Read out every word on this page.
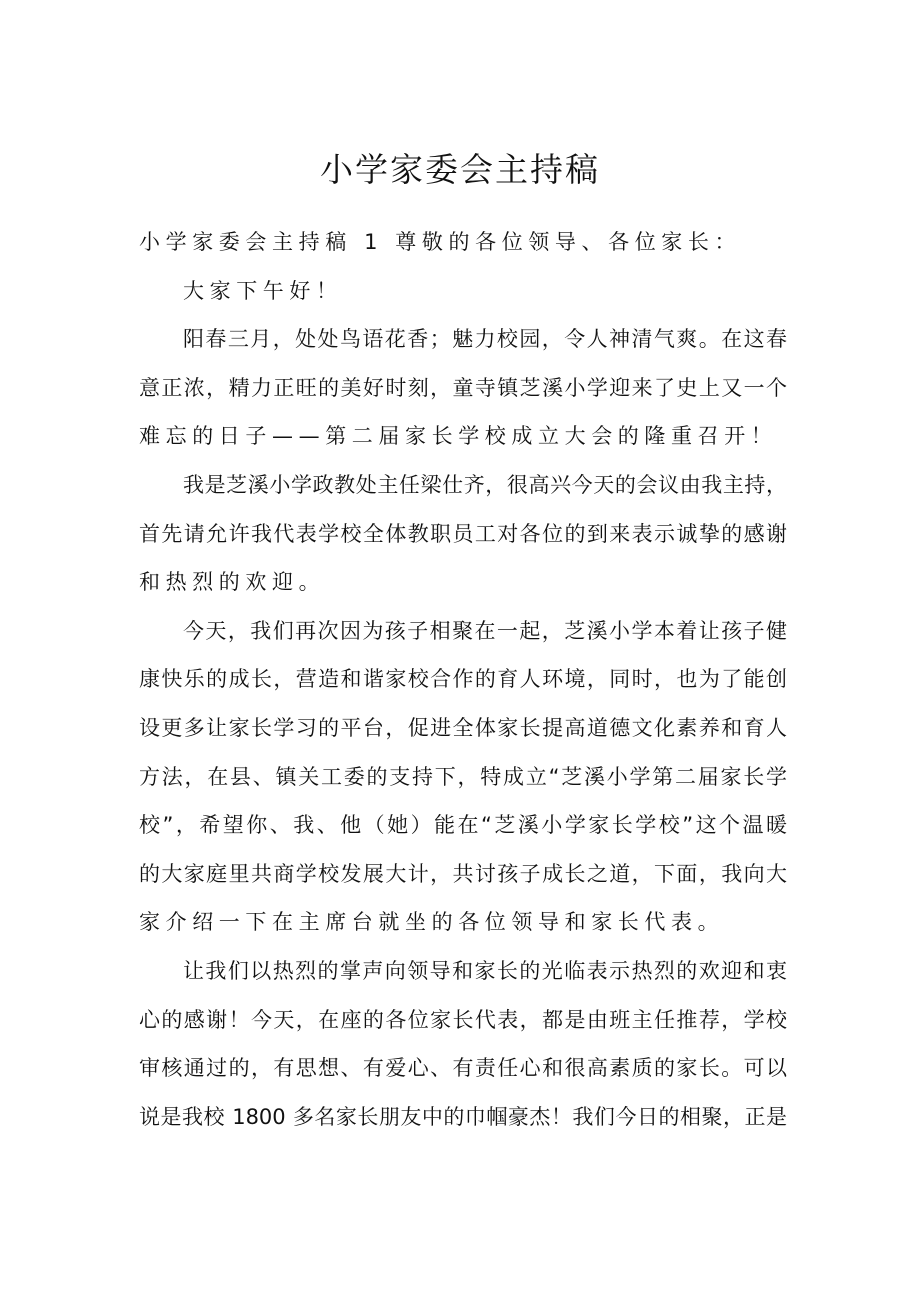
小学家委会主持稿
小学家委会主持稿 1 尊敬的各位领导、各位家长：
大家下午好！
阳春三月，处处鸟语花香；魅力校园，令人神清气爽。在这春
意正浓，精力正旺的美好时刻，童寺镇芝溪小学迎来了史上又一个
难忘的日子——第二届家长学校成立大会的隆重召开！
我是芝溪小学政教处主任梁仕齐，很高兴今天的会议由我主持，
首先请允许我代表学校全体教职员工对各位的到来表示诚挚的感谢
和热烈的欢迎。
今天，我们再次因为孩子相聚在一起，芝溪小学本着让孩子健
康快乐的成长，营造和谐家校合作的育人环境，同时，也为了能创
设更多让家长学习的平台，促进全体家长提高道德文化素养和育人
方法，在县、镇关工委的支持下，特成立“芝溪小学第二届家长学
校”，希望你、我、他（她）能在“芝溪小学家长学校”这个温暖
的大家庭里共商学校发展大计，共讨孩子成长之道，下面，我向大
家介绍一下在主席台就坐的各位领导和家长代表。
让我们以热烈的掌声向领导和家长的光临表示热烈的欢迎和衷
心的感谢！今天，在座的各位家长代表，都是由班主任推荐，学校
审核通过的，有思想、有爱心、有责任心和很高素质的家长。可以
说是我校 1800 多名家长朋友中的巾帼豪杰！我们今日的相聚，正是
